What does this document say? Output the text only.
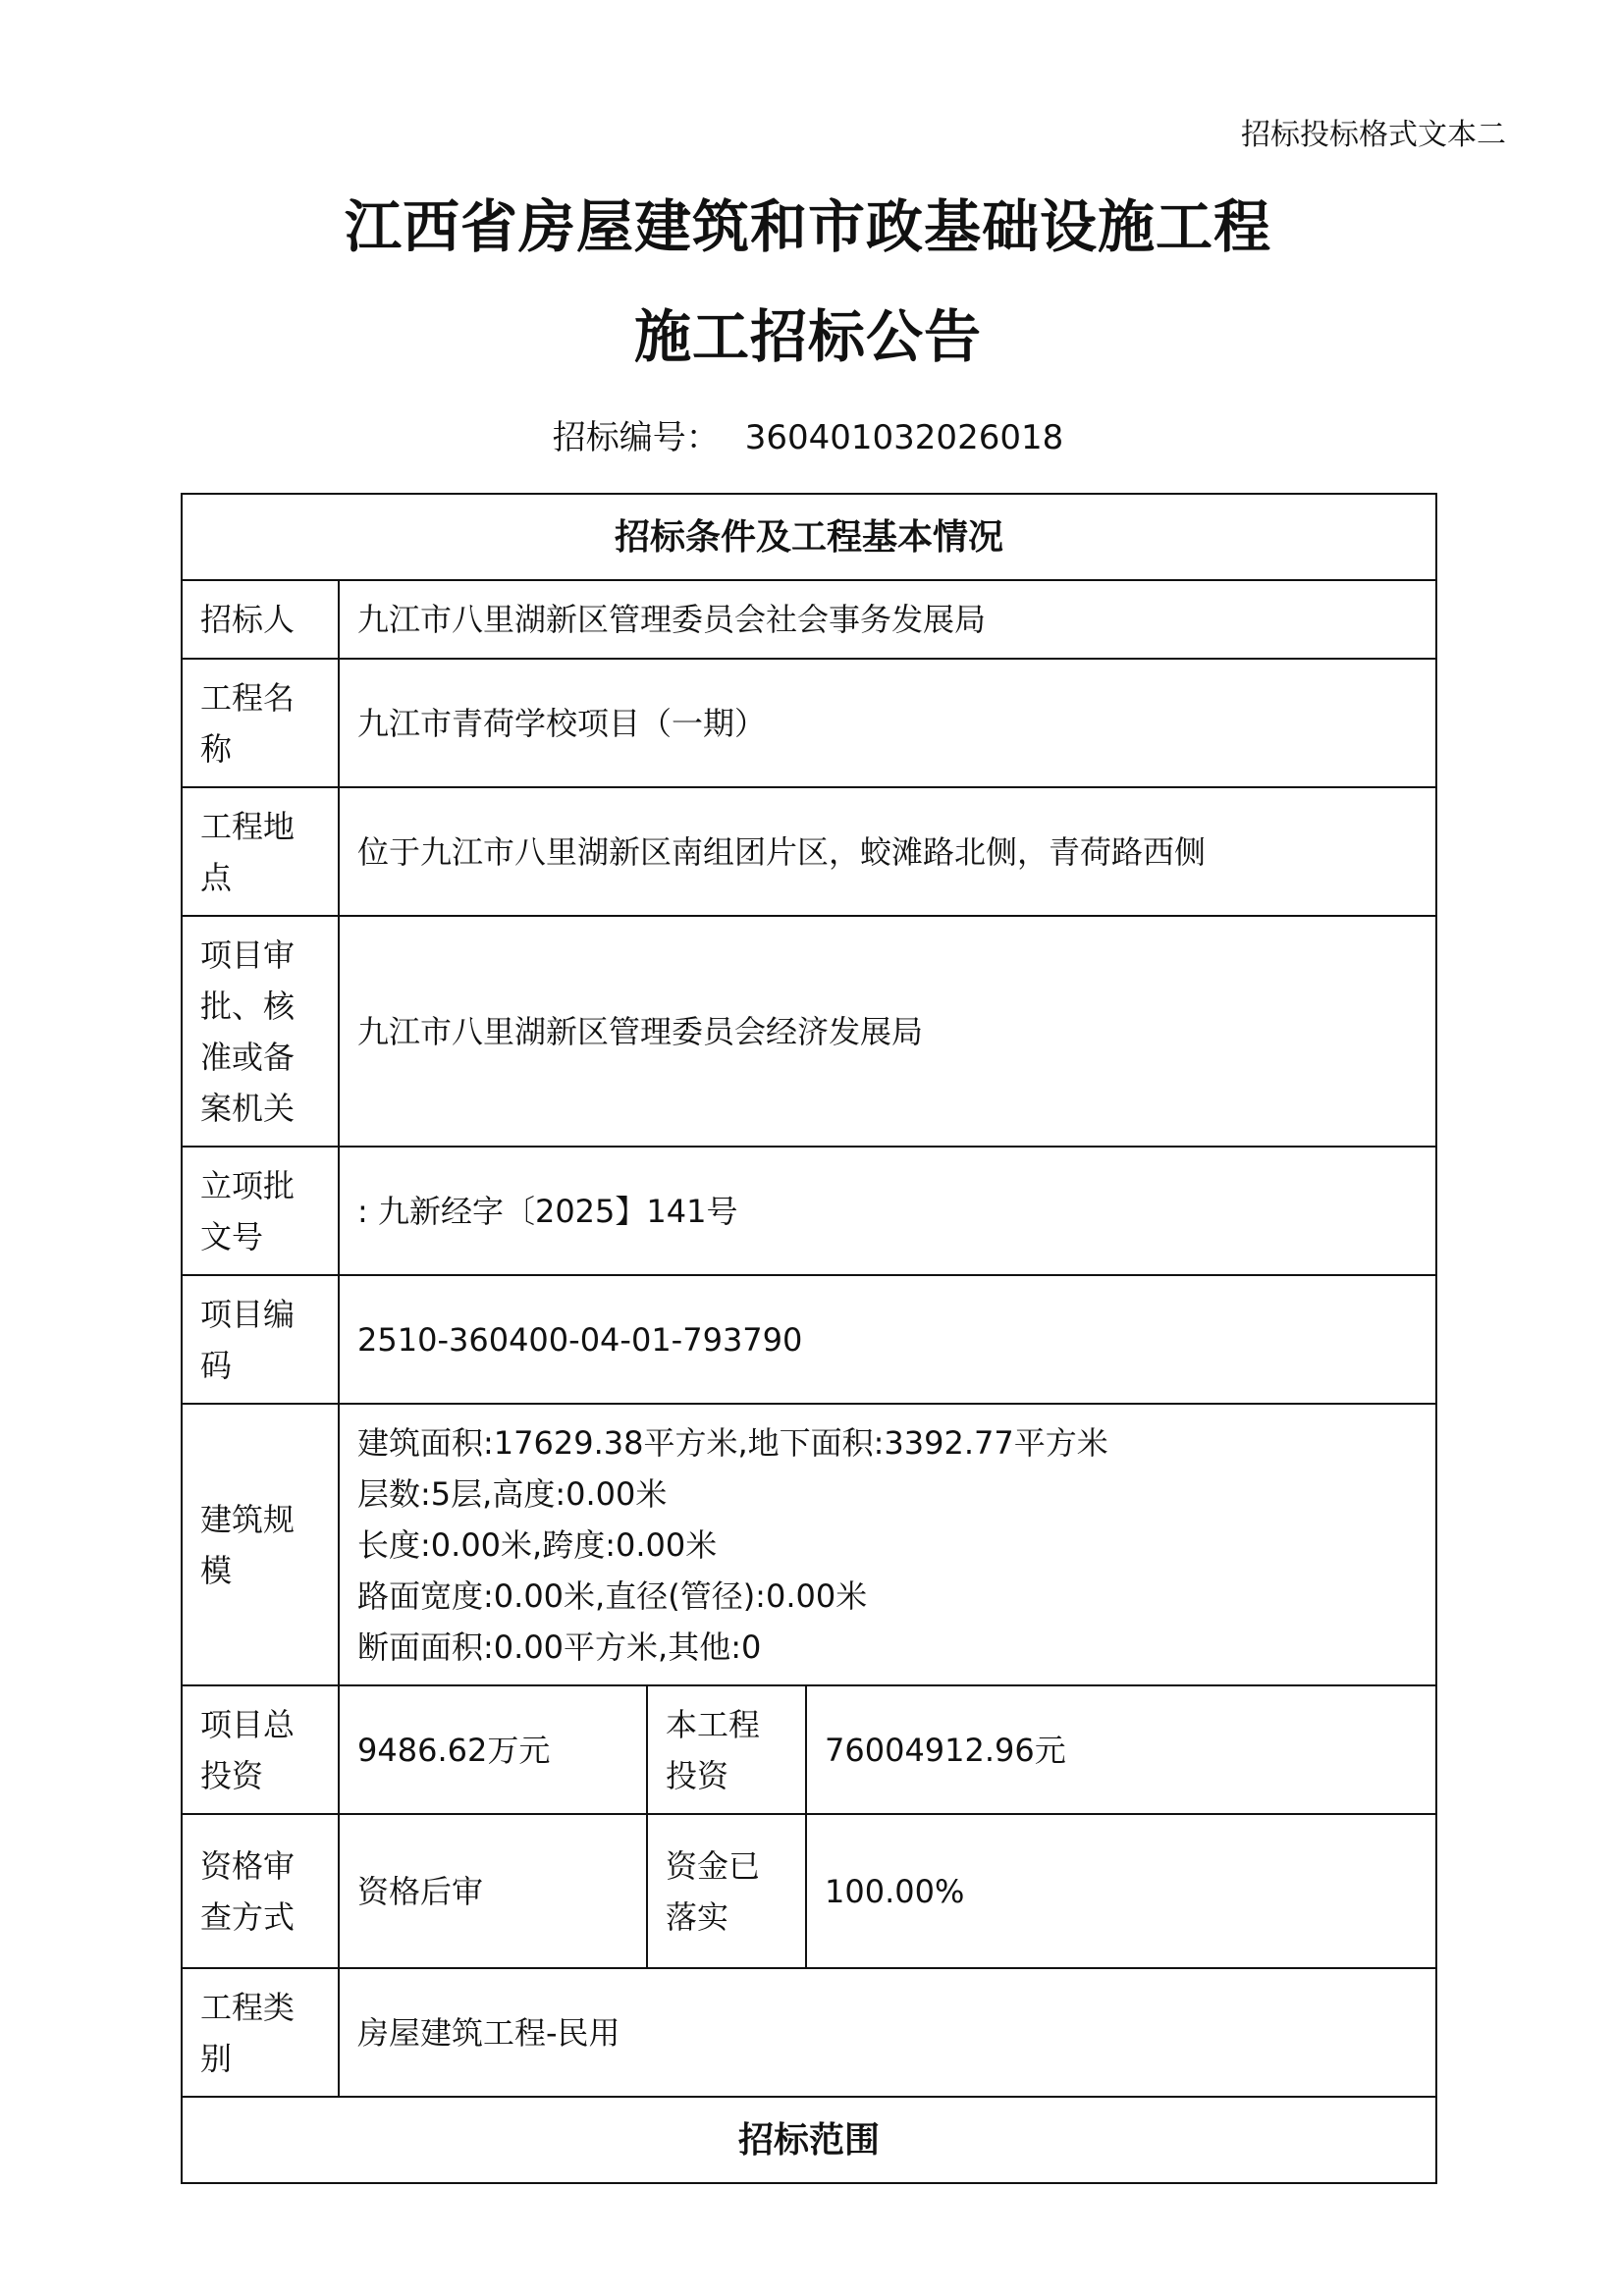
招标投标格式文本二
江西省房屋建筑和市政基础设施工程
施工招标公告
招标编号： 360401032026018
招标条件及工程基本情况			
招标人	九江市八里湖新区管理委员会社会事务发展局		

工程名
称	九江市青荷学校项目（一期）		

工程地
点	位于九江市八里湖新区南组团片区，蛟滩路北侧，青荷路西侧		

项目审
批、核
准或备
案机关	九江市八里湖新区管理委员会经济发展局		

立项批
文号	: 九新经字〔2025】141号		

项目编
码	2510-360400-04-01-793790		

建筑规
模	建筑面积:17629.38平方米,地下面积:3392.77平方米
层数:5层,高度:0.00米
长度:0.00米,跨度:0.00米
路面宽度:0.00米,直径(管径):0.00米
断面面积:0.00平方米,其他:0		

项目总
投资	9486.62万元	本工程
投资	76004912.96元

资格审
查方式	资格后审	资金已
落实	100.00%

工程类
别	房屋建筑工程-民用		
招标范围			
